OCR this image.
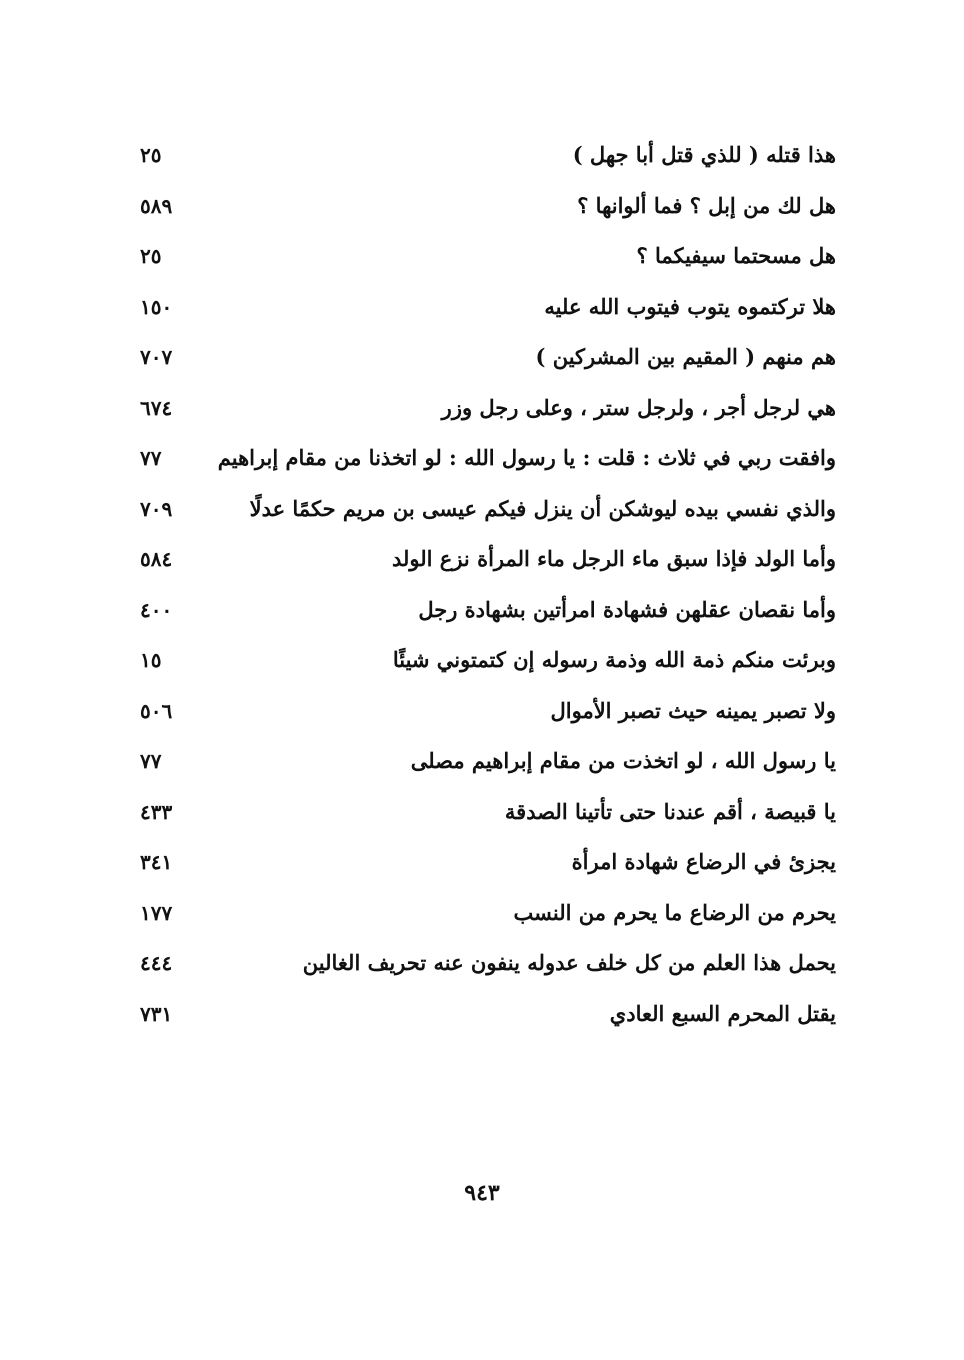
هذا قتله ( للذي قتل أبا جهل )
٢٥
هل لك من إبل ؟ فما ألوانها ؟
٥٨٩
هل مسحتما سيفيكما ؟
٢٥
هلا تركتموه يتوب فيتوب الله عليه
١٥٠
هم منهم ( المقيم بين المشركين )
٧٠٧
هي لرجل أجر ، ولرجل ستر ، وعلى رجل وزر
٦٧٤
وافقت ربي في ثلاث : قلت : يا رسول الله : لو اتخذنا من مقام إبراهيم
٧٧
والذي نفسي بيده ليوشكن أن ينزل فيكم عيسى بن مريم حكمًا عدلًا
٧٠٩
وأما الولد فإذا سبق ماء الرجل ماء المرأة نزع الولد
٥٨٤
وأما نقصان عقلهن فشهادة امرأتين بشهادة رجل
٤٠٠
وبرئت منكم ذمة الله وذمة رسوله إن كتمتوني شيئًا
١٥
ولا تصبر يمينه حيث تصبر الأموال
٥٠٦
يا رسول الله ، لو اتخذت من مقام إبراهيم مصلى
٧٧
يا قبيصة ، أقم عندنا حتى تأتينا الصدقة
٤٣٣
يجزئ في الرضاع شهادة امرأة
٣٤١
يحرم من الرضاع ما يحرم من النسب
١٧٧
يحمل هذا العلم من كل خلف عدوله ينفون عنه تحريف الغالين
٤٤٤
يقتل المحرم السبع العادي
٧٣١
٩٤٣
